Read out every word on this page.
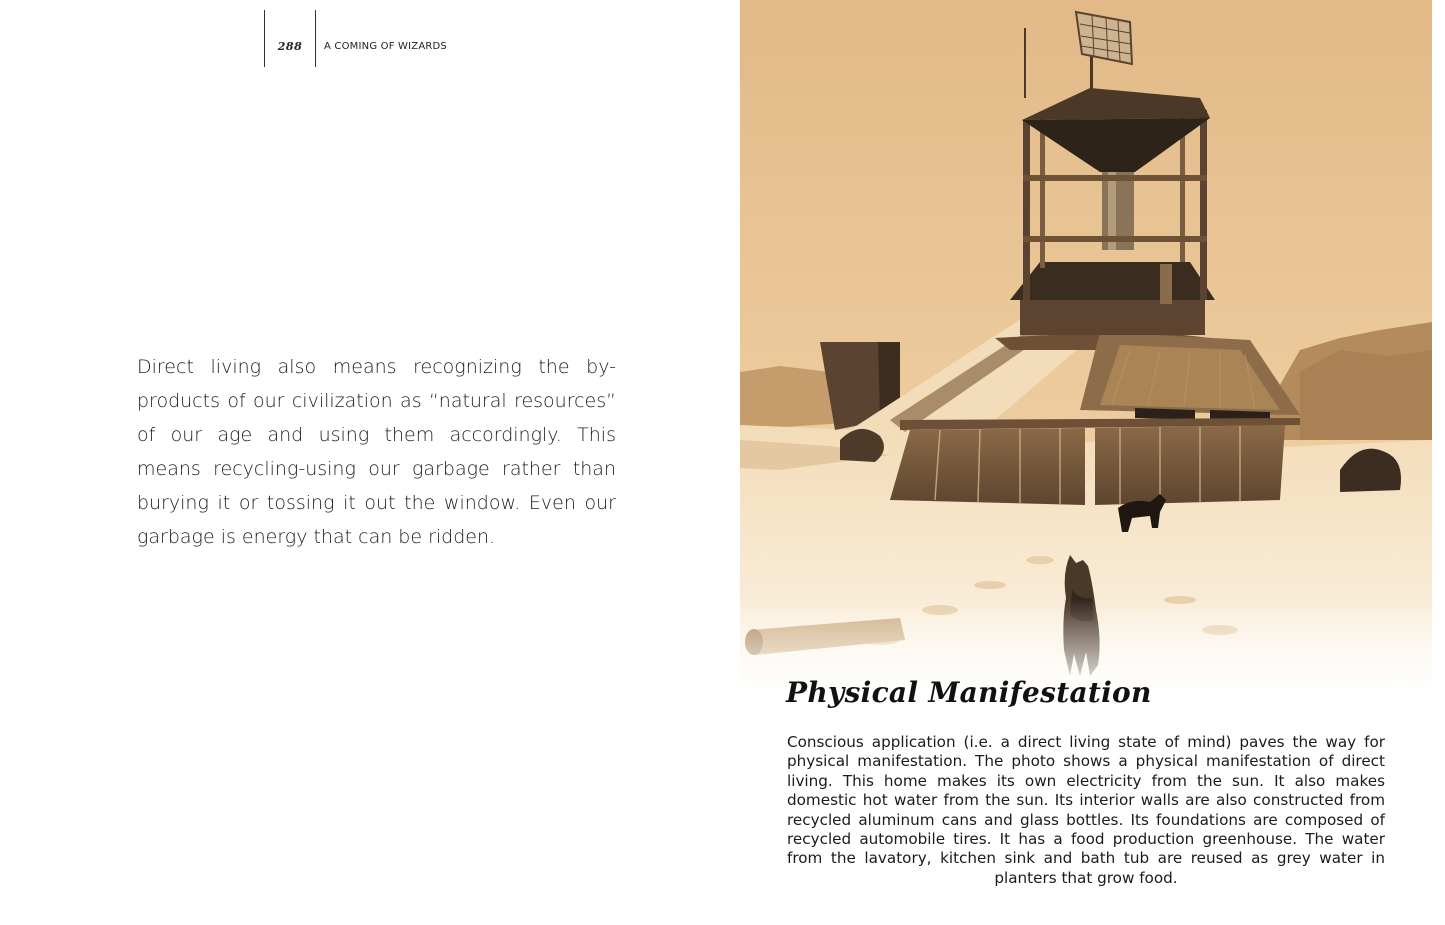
288	A COMING OF WIZARDS

Direct living also means recognizing the by-products of our civilization as “natural resources” of our age and using them accordingly. This means recycling-using our garbage rather than burying it or tossing it out the window. Even our garbage is energy that can be ridden.

Physical Manifestation

Conscious application (i.e. a direct living state of mind) paves the way for physical manifestation. The photo shows a physical manifestation of direct living. This home makes its own electricity from the sun. It also makes domestic hot water from the sun. Its interior walls are also constructed from recycled aluminum cans and glass bottles. Its foundations are composed of recycled automobile tires. It has a food production greenhouse. The water from the lavatory, kitchen sink and bath tub are reused as grey water in planters that grow food.
